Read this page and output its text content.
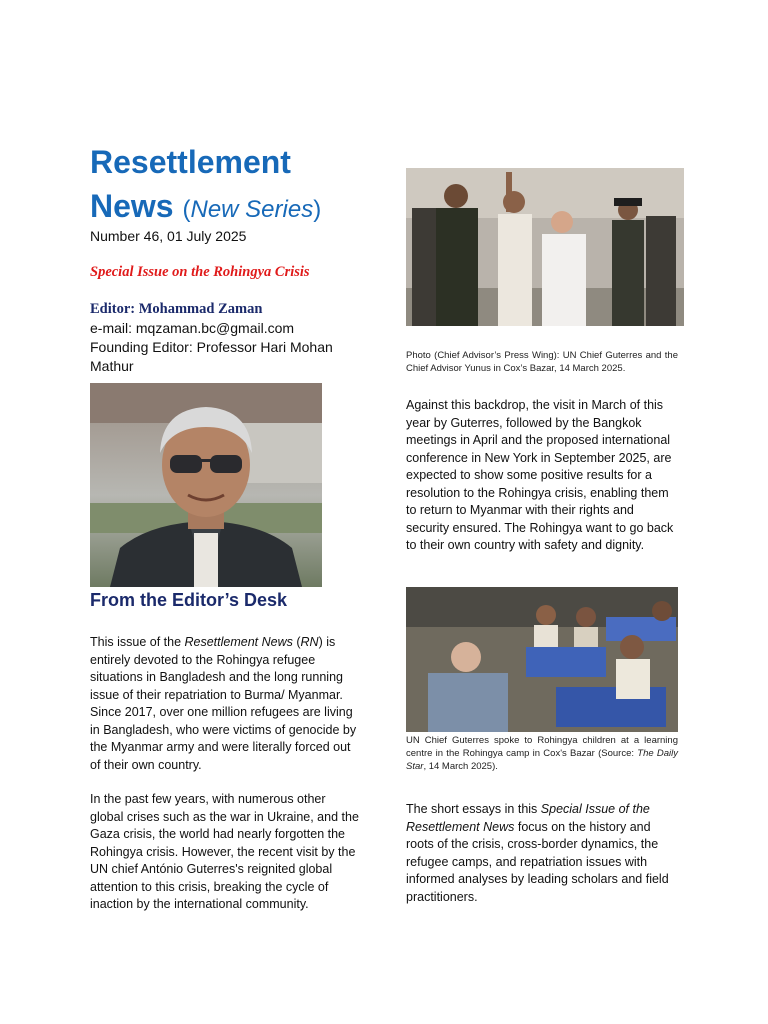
Resettlement
News (New Series)
Number 46, 01 July 2025
Special Issue on the Rohingya Crisis
Editor: Mohammad Zaman
e-mail: mqzaman.bc@gmail.com
Founding Editor: Professor Hari Mohan Mathur
From the Editor’s Desk
This issue of the Resettlement News (RN) is entirely devoted to the Rohingya refugee situations in Bangladesh and the long running issue of their repatriation to Burma/ Myanmar. Since 2017, over one million refugees are living in Bangladesh, who were victims of genocide by the Myanmar army and were literally forced out of their own country.
In the past few years, with numerous other global crises such as the war in Ukraine, and the Gaza crisis, the world had nearly forgotten the Rohingya crisis. However, the recent visit by the UN chief António Guterres's reignited global attention to this crisis, breaking the cycle of inaction by the international community.
Photo (Chief Advisor’s Press Wing): UN Chief Guterres and the Chief Advisor Yunus in Cox’s Bazar, 14 March 2025.
Against this backdrop, the visit in March of this year by Guterres, followed by the Bangkok meetings in April and the proposed international conference in New York in September 2025, are expected to show some positive results for a resolution to the Rohingya crisis, enabling them to return to Myanmar with their rights and security ensured. The Rohingya want to go back to their own country with safety and dignity.
UN Chief Guterres spoke to Rohingya children at a learning centre in the Rohingya camp in Cox's Bazar (Source: The Daily Star, 14 March 2025).
The short essays in this Special Issue of the Resettlement News focus on the history and roots of the crisis, cross-border dynamics, the refugee camps, and repatriation issues with informed analyses by leading scholars and field practitioners.
